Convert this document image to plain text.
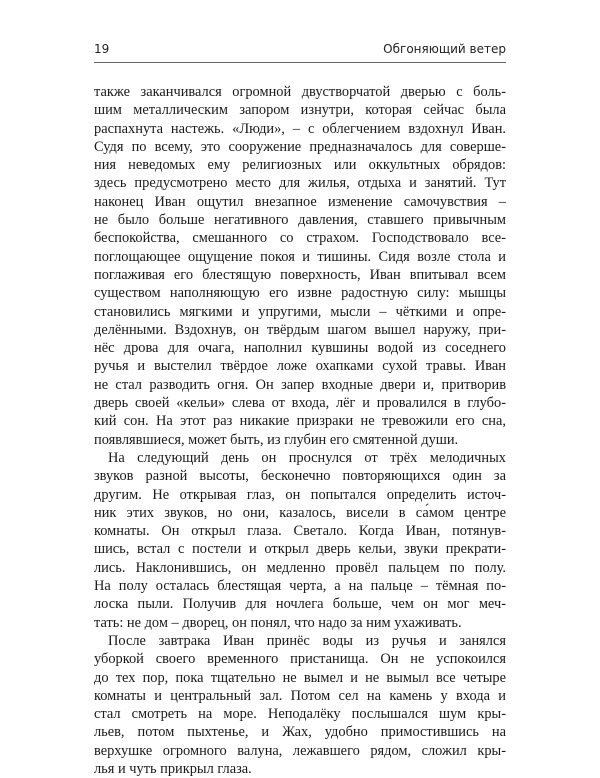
19	Обгоняющий ветер
также заканчивался огромной двустворчатой дверью с боль-
шим металлическим запором изнутри, которая сейчас была
распахнута настежь. «Люди», – с облегчением вздохнул Иван.
Судя по всему, это сооружение предназначалось для соверше-
ния неведомых ему религиозных или оккультных обрядов:
здесь предусмотрено место для жилья, отдыха и занятий. Тут
наконец Иван ощутил внезапное изменение самочувствия –
не было больше негативного давления, ставшего привычным
беспокойства, смешанного со страхом. Господствовало все-
поглощающее ощущение покоя и тишины. Сидя возле стола и
поглаживая его блестящую поверхность, Иван впитывал всем
существом наполняющую его извне радостную силу: мышцы
становились мягкими и упругими, мысли – чёткими и опре-
делёнными. Вздохнув, он твёрдым шагом вышел наружу, при-
нёс дрова для очага, наполнил кувшины водой из соседнего
ручья и выстелил твёрдое ложе охапками сухой травы. Иван
не стал разводить огня. Он запер входные двери и, притворив
дверь своей «кельи» слева от входа, лёг и провалился в глубо-
кий сон. На этот раз никакие призраки не тревожили его сна,
появлявшиеся, может быть, из глубин его смятенной души.
На следующий день он проснулся от трёх мелодичных
звуков разной высоты, бесконечно повторяющихся один за
другим. Не открывая глаз, он попытался определить источ-
ник этих звуков, но они, казалось, висели в са́мом центре
комнаты. Он открыл глаза. Светало. Когда Иван, потянув-
шись, встал с постели и открыл дверь кельи, звуки прекрати-
лись. Наклонившись, он медленно провёл пальцем по полу.
На полу осталась блестящая черта, а на пальце – тёмная по-
лоска пыли. Получив для ночлега больше, чем он мог меч-
тать: не дом – дворец, он понял, что надо за ним ухаживать.
После завтрака Иван принёс воды из ручья и занялся
уборкой своего временного пристанища. Он не успокоился
до тех пор, пока тщательно не вымел и не вымыл все четыре
комнаты и центральный зал. Потом сел на камень у входа и
стал смотреть на море. Неподалёку послышался шум кры-
льев, потом пыхтенье, и Жах, удобно примостившись на
верхушке огромного валуна, лежавшего рядом, сложил кры-
лья и чуть прикрыл глаза.
